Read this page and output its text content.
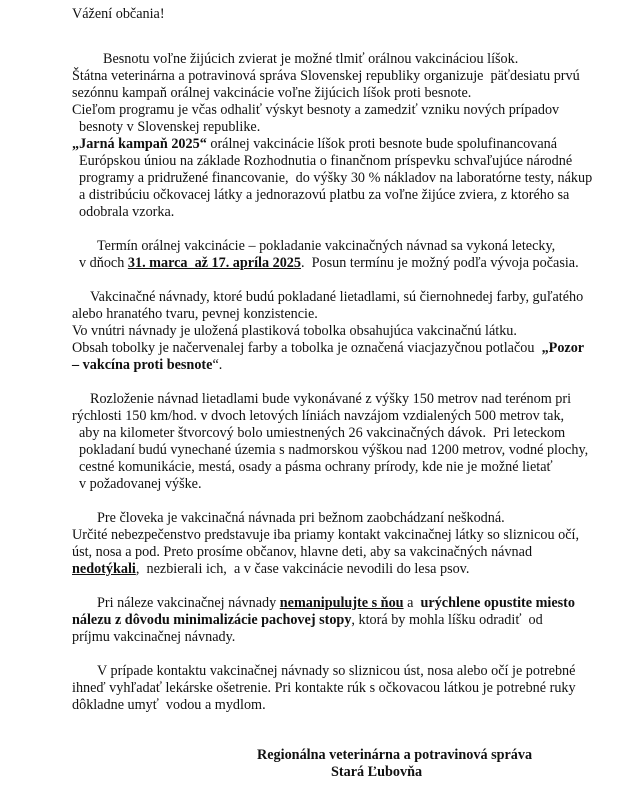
Vážení občania!
Besnotu voľne žijúcich zvierat je možné tlmiť orálnou vakcináciou líšok.
Štátna veterinárna a potravinová správa Slovenskej republiky organizuje  päťdesiatu prvú
sezónnu kampaň orálnej vakcinácie voľne žijúcich líšok proti besnote.
Cieľom programu je včas odhaliť výskyt besnoty a zamedziť vzniku nových prípadov
besnoty v Slovenskej republike.
„Jarná kampaň 2025“ orálnej vakcinácie líšok proti besnote bude spolufinancovaná
Európskou úniou na základe Rozhodnutia o finančnom príspevku schvaľujúce národné
programy a pridružené financovanie,  do výšky 30 % nákladov na laboratórne testy, nákup
a distribúciu očkovacej látky a jednorazovú platbu za voľne žijúce zviera, z ktorého sa
odobrala vzorka.
Termín orálnej vakcinácie – pokladanie vakcinačných návnad sa vykoná letecky,
v dňoch 31. marca  až 17. apríla 2025.  Posun termínu je možný podľa vývoja počasia.
Vakcinačné návnady, ktoré budú pokladané lietadlami, sú čiernohnedej farby, guľatého
alebo hranatého tvaru, pevnej konzistencie.
Vo vnútri návnady je uložená plastiková tobolka obsahujúca vakcinačnú látku.
Obsah tobolky je načervenalej farby a tobolka je označená viacjazyčnou potlačou  „Pozor
– vakcína proti besnote“.
Rozloženie návnad lietadlami bude vykonávané z výšky 150 metrov nad terénom pri
rýchlosti 150 km/hod. v dvoch letových líniách navzájom vzdialených 500 metrov tak,
aby na kilometer štvorcový bolo umiestnených 26 vakcinačných dávok.  Pri leteckom
pokladaní budú vynechané územia s nadmorskou výškou nad 1200 metrov, vodné plochy,
cestné komunikácie, mestá, osady a pásma ochrany prírody, kde nie je možné lietať
v požadovanej výške.
Pre človeka je vakcinačná návnada pri bežnom zaobchádzaní neškodná.
Určité nebezpečenstvo predstavuje iba priamy kontakt vakcinačnej látky so sliznicou očí,
úst, nosa a pod. Preto prosíme občanov, hlavne deti, aby sa vakcinačných návnad
nedotýkali,  nezbierali ich,  a v čase vakcinácie nevodili do lesa psov.
Pri náleze vakcinačnej návnady nemanipulujte s ňou a  urýchlene opustite miesto
nálezu z dôvodu minimalizácie pachovej stopy, ktorá by mohla líšku odradiť  od
príjmu vakcinačnej návnady.
V prípade kontaktu vakcinačnej návnady so sliznicou úst, nosa alebo očí je potrebné
ihneď vyhľadať lekárske ošetrenie. Pri kontakte rúk s očkovacou látkou je potrebné ruky
dôkladne umyť  vodou a mydlom.
Regionálna veterinárna a potravinová správa
Stará Ľubovňa
